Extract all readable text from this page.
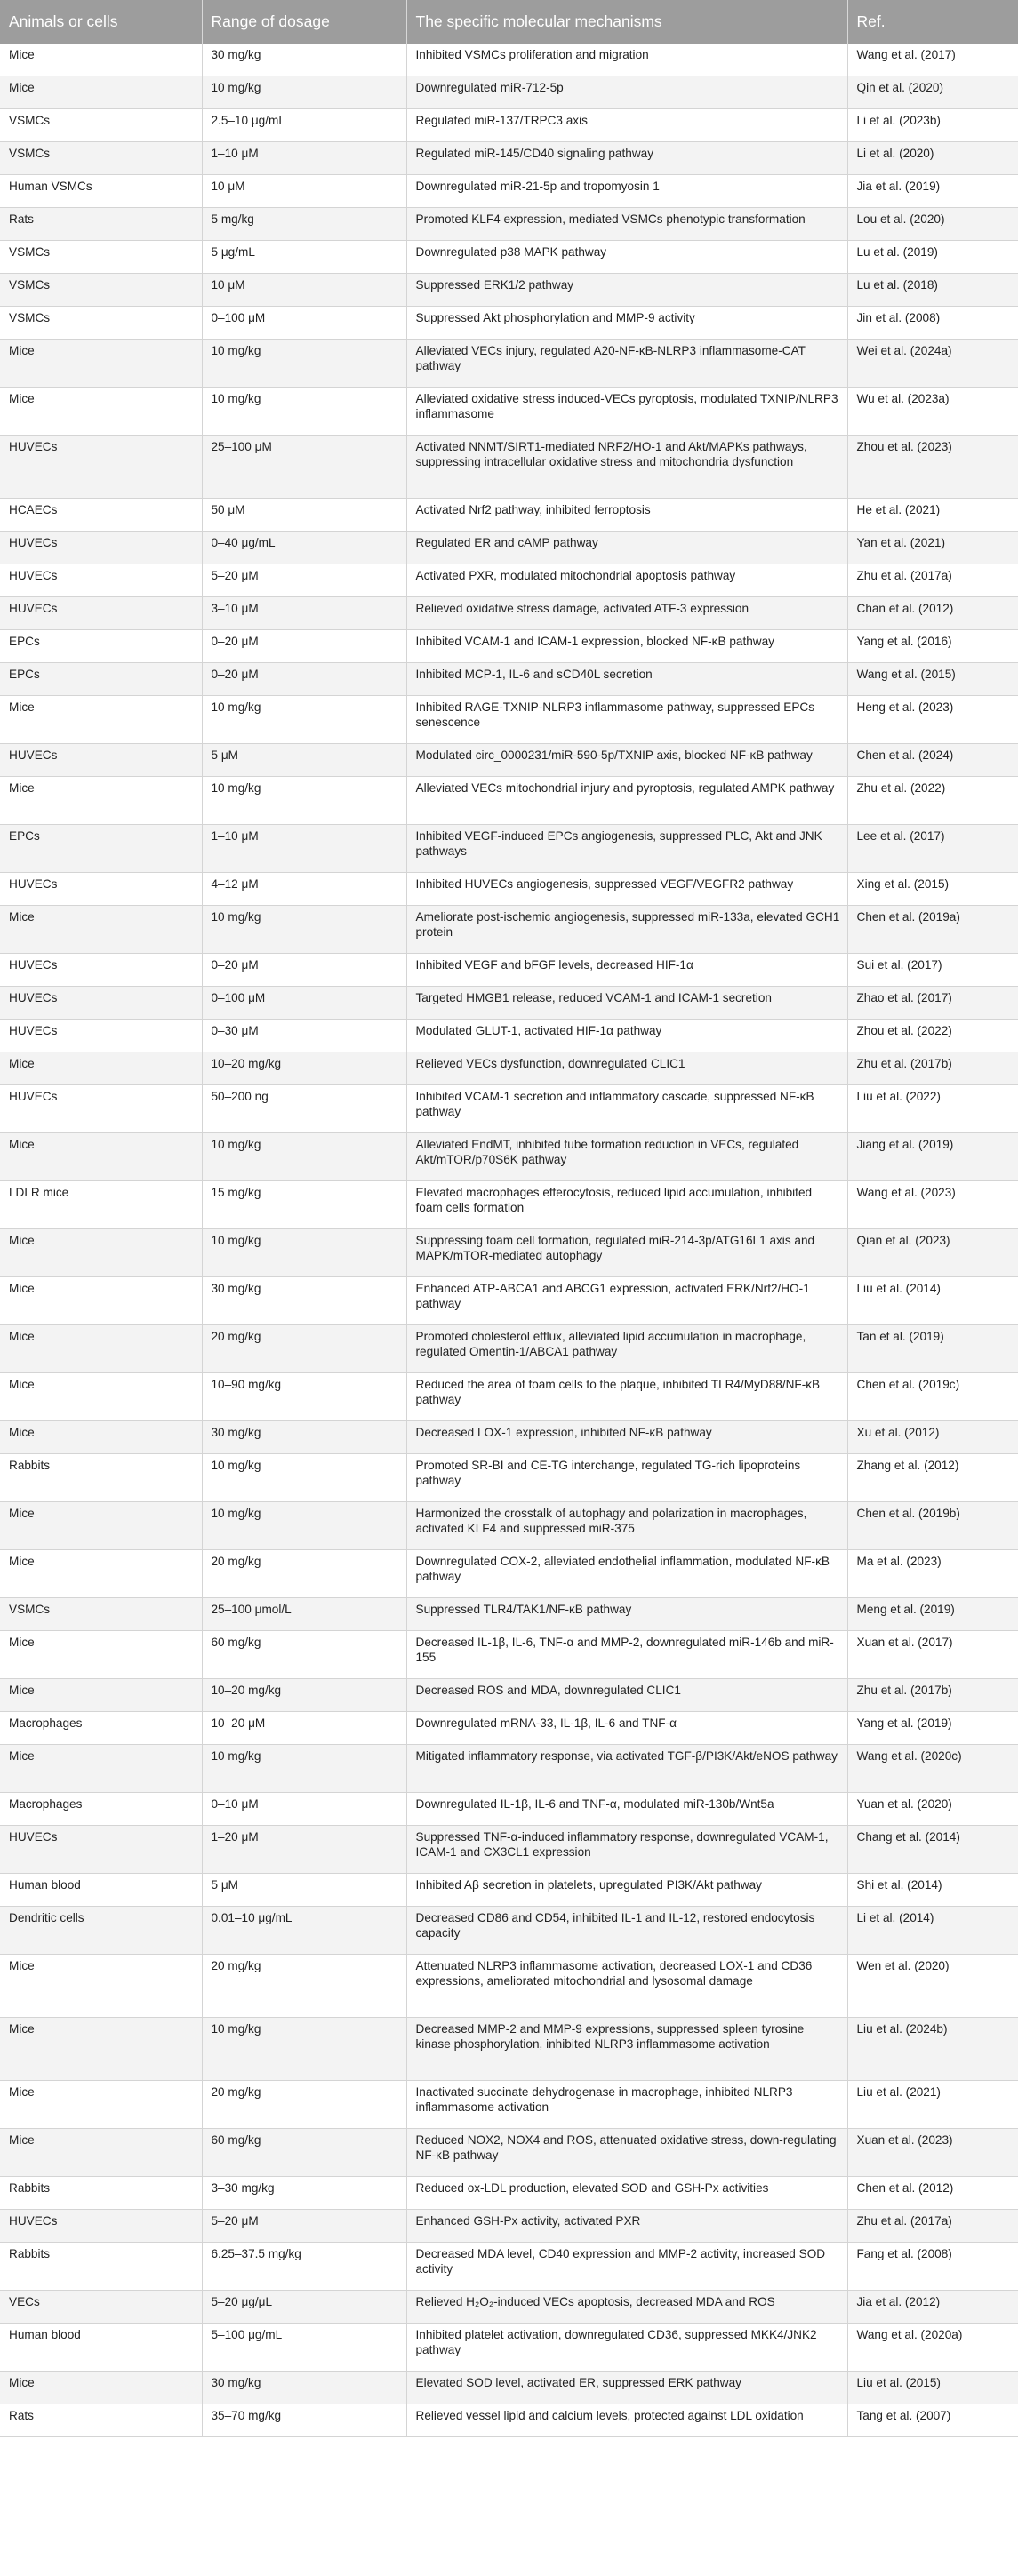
Animals or cells	Range of dosage	The specific molecular mechanisms	Ref.
Mice	30 mg/kg	Inhibited VSMCs proliferation and migration	Wang et al. (2017)
Mice	10 mg/kg	Downregulated miR-712-5p	Qin et al. (2020)
VSMCs	2.5–10 μg/mL	Regulated miR-137/TRPC3 axis	Li et al. (2023b)
VSMCs	1–10 μM	Regulated miR-145/CD40 signaling pathway	Li et al. (2020)
Human VSMCs	10 μM	Downregulated miR-21-5p and tropomyosin 1	Jia et al. (2019)
Rats	5 mg/kg	Promoted KLF4 expression, mediated VSMCs phenotypic transformation	Lou et al. (2020)
VSMCs	5 μg/mL	Downregulated p38 MAPK pathway	Lu et al. (2019)
VSMCs	10 μM	Suppressed ERK1/2 pathway	Lu et al. (2018)
VSMCs	0–100 μM	Suppressed Akt phosphorylation and MMP-9 activity	Jin et al. (2008)
Mice	10 mg/kg	Alleviated VECs injury, regulated A20-NF-κB-NLRP3 inflammasome-CAT pathway	Wei et al. (2024a)
Mice	10 mg/kg	Alleviated oxidative stress induced-VECs pyroptosis, modulated TXNIP/NLRP3 inflammasome	Wu et al. (2023a)
HUVECs	25–100 μM	Activated NNMT/SIRT1-mediated NRF2/HO-1 and Akt/MAPKs pathways, suppressing intracellular oxidative stress and mitochondria dysfunction	Zhou et al. (2023)
HCAECs	50 μM	Activated Nrf2 pathway, inhibited ferroptosis	He et al. (2021)
HUVECs	0–40 μg/mL	Regulated ER and cAMP pathway	Yan et al. (2021)
HUVECs	5–20 μM	Activated PXR, modulated mitochondrial apoptosis pathway	Zhu et al. (2017a)
HUVECs	3–10 μM	Relieved oxidative stress damage, activated ATF-3 expression	Chan et al. (2012)
EPCs	0–20 μM	Inhibited VCAM-1 and ICAM-1 expression, blocked NF-κB pathway	Yang et al. (2016)
EPCs	0–20 μM	Inhibited MCP-1, IL-6 and sCD40L secretion	Wang et al. (2015)
Mice	10 mg/kg	Inhibited RAGE-TXNIP-NLRP3 inflammasome pathway, suppressed EPCs senescence	Heng et al. (2023)
HUVECs	5 μM	Modulated circ_0000231/miR-590-5p/TXNIP axis, blocked NF-κB pathway	Chen et al. (2024)
Mice	10 mg/kg	Alleviated VECs mitochondrial injury and pyroptosis, regulated AMPK pathway	Zhu et al. (2022)
EPCs	1–10 μM	Inhibited VEGF-induced EPCs angiogenesis, suppressed PLC, Akt and JNK pathways	Lee et al. (2017)
HUVECs	4–12 μM	Inhibited HUVECs angiogenesis, suppressed VEGF/VEGFR2 pathway	Xing et al. (2015)
Mice	10 mg/kg	Ameliorate post-ischemic angiogenesis, suppressed miR-133a, elevated GCH1 protein	Chen et al. (2019a)
HUVECs	0–20 μM	Inhibited VEGF and bFGF levels, decreased HIF-1α	Sui et al. (2017)
HUVECs	0–100 μM	Targeted HMGB1 release, reduced VCAM-1 and ICAM-1 secretion	Zhao et al. (2017)
HUVECs	0–30 μM	Modulated GLUT-1, activated HIF-1α pathway	Zhou et al. (2022)
Mice	10–20 mg/kg	Relieved VECs dysfunction, downregulated CLIC1	Zhu et al. (2017b)
HUVECs	50–200 ng	Inhibited VCAM-1 secretion and inflammatory cascade, suppressed NF-κB pathway	Liu et al. (2022)
Mice	10 mg/kg	Alleviated EndMT, inhibited tube formation reduction in VECs, regulated Akt/mTOR/p70S6K pathway	Jiang et al. (2019)
LDLR mice	15 mg/kg	Elevated macrophages efferocytosis, reduced lipid accumulation, inhibited foam cells formation	Wang et al. (2023)
Mice	10 mg/kg	Suppressing foam cell formation, regulated miR-214-3p/ATG16L1 axis and MAPK/mTOR-mediated autophagy	Qian et al. (2023)
Mice	30 mg/kg	Enhanced ATP-ABCA1 and ABCG1 expression, activated ERK/Nrf2/HO-1 pathway	Liu et al. (2014)
Mice	20 mg/kg	Promoted cholesterol efflux, alleviated lipid accumulation in macrophage, regulated Omentin-1/ABCA1 pathway	Tan et al. (2019)
Mice	10–90 mg/kg	Reduced the area of foam cells to the plaque, inhibited TLR4/MyD88/NF-κB pathway	Chen et al. (2019c)
Mice	30 mg/kg	Decreased LOX-1 expression, inhibited NF-κB pathway	Xu et al. (2012)
Rabbits	10 mg/kg	Promoted SR-BI and CE-TG interchange, regulated TG-rich lipoproteins pathway	Zhang et al. (2012)
Mice	10 mg/kg	Harmonized the crosstalk of autophagy and polarization in macrophages, activated KLF4 and suppressed miR-375	Chen et al. (2019b)
Mice	20 mg/kg	Downregulated COX-2, alleviated endothelial inflammation, modulated NF-κB pathway	Ma et al. (2023)
VSMCs	25–100 μmol/L	Suppressed TLR4/TAK1/NF-κB pathway	Meng et al. (2019)
Mice	60 mg/kg	Decreased IL-1β, IL-6, TNF-α and MMP-2, downregulated miR-146b and miR-155	Xuan et al. (2017)
Mice	10–20 mg/kg	Decreased ROS and MDA, downregulated CLIC1	Zhu et al. (2017b)
Macrophages	10–20 μM	Downregulated mRNA-33, IL-1β, IL-6 and TNF-α	Yang et al. (2019)
Mice	10 mg/kg	Mitigated inflammatory response, via activated TGF-β/PI3K/Akt/eNOS pathway	Wang et al. (2020c)
Macrophages	0–10 μM	Downregulated IL-1β, IL-6 and TNF-α, modulated miR-130b/Wnt5a	Yuan et al. (2020)
HUVECs	1–20 μM	Suppressed TNF-α-induced inflammatory response, downregulated VCAM-1, ICAM-1 and CX3CL1 expression	Chang et al. (2014)
Human blood	5 μM	Inhibited Aβ secretion in platelets, upregulated PI3K/Akt pathway	Shi et al. (2014)
Dendritic cells	0.01–10 μg/mL	Decreased CD86 and CD54, inhibited IL-1 and IL-12, restored endocytosis capacity	Li et al. (2014)
Mice	20 mg/kg	Attenuated NLRP3 inflammasome activation, decreased LOX-1 and CD36 expressions, ameliorated mitochondrial and lysosomal damage	Wen et al. (2020)
Mice	10 mg/kg	Decreased MMP-2 and MMP-9 expressions, suppressed spleen tyrosine kinase phosphorylation, inhibited NLRP3 inflammasome activation	Liu et al. (2024b)
Mice	20 mg/kg	Inactivated succinate dehydrogenase in macrophage, inhibited NLRP3 inflammasome activation	Liu et al. (2021)
Mice	60 mg/kg	Reduced NOX2, NOX4 and ROS, attenuated oxidative stress, down-regulating NF-κB pathway	Xuan et al. (2023)
Rabbits	3–30 mg/kg	Reduced ox-LDL production, elevated SOD and GSH-Px activities	Chen et al. (2012)
HUVECs	5–20 μM	Enhanced GSH-Px activity, activated PXR	Zhu et al. (2017a)
Rabbits	6.25–37.5 mg/kg	Decreased MDA level, CD40 expression and MMP-2 activity, increased SOD activity	Fang et al. (2008)
VECs	5–20 μg/μL	Relieved H₂O₂-induced VECs apoptosis, decreased MDA and ROS	Jia et al. (2012)
Human blood	5–100 μg/mL	Inhibited platelet activation, downregulated CD36, suppressed MKK4/JNK2 pathway	Wang et al. (2020a)
Mice	30 mg/kg	Elevated SOD level, activated ER, suppressed ERK pathway	Liu et al. (2015)
Rats	35–70 mg/kg	Relieved vessel lipid and calcium levels, protected against LDL oxidation	Tang et al. (2007)
